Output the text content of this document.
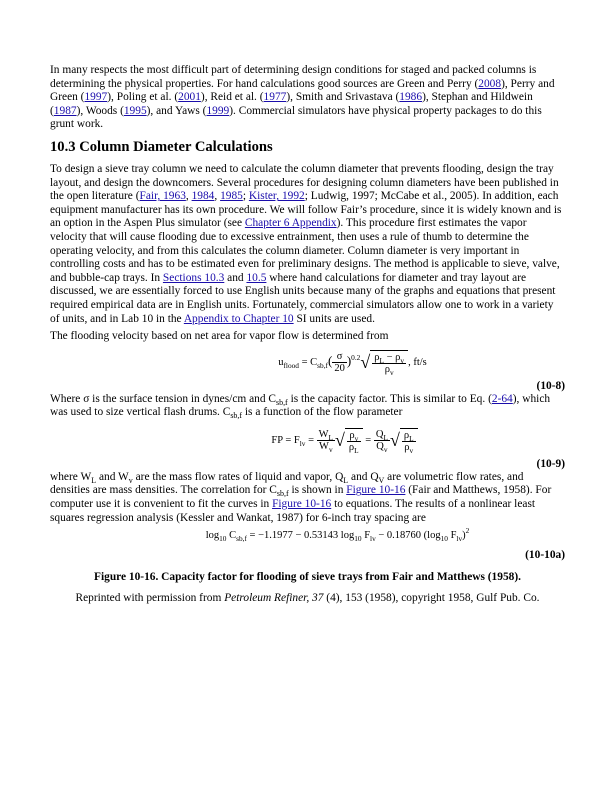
In many respects the most difficult part of determining design conditions for staged and packed columns is determining the physical properties. For hand calculations good sources are Green and Perry (2008), Perry and Green (1997), Poling et al. (2001), Reid et al. (1977), Smith and Srivastava (1986), Stephan and Hildwein (1987), Woods (1995), and Yaws (1999). Commercial simulators have physical property packages to do this grunt work.

10.3 Column Diameter Calculations

To design a sieve tray column we need to calculate the column diameter that prevents flooding, design the tray layout, and design the downcomers. Several procedures for designing column diameters have been published in the open literature (Fair, 1963, 1984, 1985; Kister, 1992; Ludwig, 1997; McCabe et al., 2005). In addition, each equipment manufacturer has its own procedure. We will follow Fair’s procedure, since it is widely known and is an option in the Aspen Plus simulator (see Chapter 6 Appendix). This procedure first estimates the vapor velocity that will cause flooding due to excessive entrainment, then uses a rule of thumb to determine the operating velocity, and from this calculates the column diameter. Column diameter is very important in controlling costs and has to be estimated even for preliminary designs. The method is applicable to sieve, valve, and bubble-cap trays. In Sections 10.3 and 10.5 where hand calculations for diameter and tray layout are discussed, we are essentially forced to use English units because many of the graphs and equations that present required empirical data are in English units. Fortunately, commercial simulators allow one to work in a variety of units, and in Lab 10 in the Appendix to Chapter 10 SI units are used.

The flooding velocity based on net area for vapor flow is determined from

$u_{flood} = C_{sb,f}( \frac{\sigma}{20} )^{0.2}√ \frac{\rho_L - \rho_v}{\rho_v}$ , ft/s
(10-8)

Where σ is the surface tension in dynes/cm and $C_{sb,f}$ is the capacity factor. This is similar to Eq. (2-64), which was used to size vertical flash drums. $C_{sb,f}$ is a function of the flow parameter

FP = $F_{lv} = \frac{W_L}{W_v}$ √ $\frac{\rho_v}{\rho_L} = \frac{Q_L}{Q_v}$ √ $\frac{\rho_L}{\rho_v}$
(10-9)

where $W_L$ and $W_v$ are the mass flow rates of liquid and vapor, $Q_L$ and $Q_V$ are volumetric flow rates, and densities are mass densities. The correlation for $C_{sb,f}$ is shown in Figure 10-16 (Fair and Matthews, 1958). For computer use it is convenient to fit the curves in Figure 10-16 to equations. The results of a nonlinear least squares regression analysis (Kessler and Wankat, 1987) for 6-inch tray spacing are

$\log_{10} C_{sb,f} = -1.1977 - 0.53143$ $\log_{10} F_{lv} - 0.18760$ ($\log_{10}$ $F_{lv})^2$
(10-10a)
Figure 10-16. Capacity factor for flooding of sieve trays from Fair and Matthews (1958).
Reprinted with permission from Petroleum Refiner, 37 (4), 153 (1958), copyright 1958, Gulf Pub. Co.
